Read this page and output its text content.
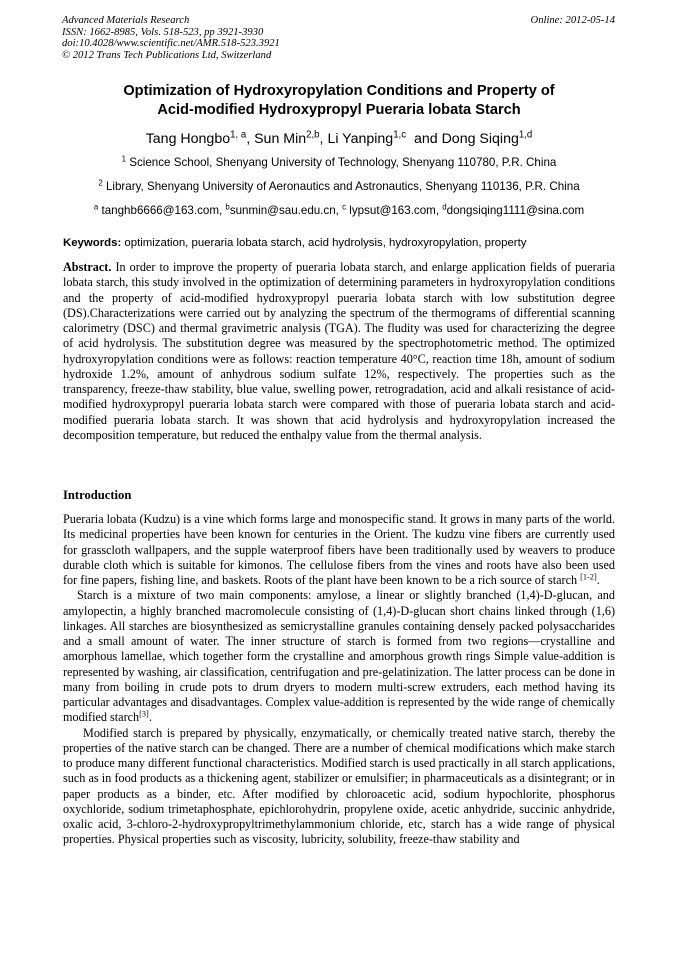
Advanced Materials Research
ISSN: 1662-8985, Vols. 518-523, pp 3921-3930
doi:10.4028/www.scientific.net/AMR.518-523.3921
© 2012 Trans Tech Publications Ltd, Switzerland
Online: 2012-05-14
Optimization of Hydroxyropylation Conditions and Property of
Acid-modified Hydroxypropyl Pueraria lobata Starch
Tang Hongbo$^{1, a}$, Sun Min$^{2,b}$, Li Yanping$^{1,c}$  and Dong Siqing$^{1,d}$
$^1$ Science School, Shenyang University of Technology, Shenyang 110780, P.R. China
$^2$ Library, Shenyang University of Aeronautics and Astronautics, Shenyang 110136, P.R. China
$^a$ tanghb6666@163.com, $^b$sunmin@sau.edu.cn, $^c$ lypsut@163.com, $^d$dongsiqing1111@sina.com
Keywords: optimization, pueraria lobata starch, acid hydrolysis, hydroxyropylation, property

Abstract. In order to improve the property of pueraria lobata starch, and enlarge application fields of pueraria lobata starch, this study involved in the optimization of determining parameters in hydroxyropylation conditions and the property of acid-modified hydroxypropyl pueraria lobata starch with low substitution degree (DS).Characterizations were carried out by analyzing the spectrum of the thermograms of differential scanning calorimetry (DSC) and thermal gravimetric analysis (TGA). The fludity was used for characterizing the degree of acid hydrolysis. The substitution degree was measured by the spectrophotometric method. The optimized hydroxyropylation conditions were as follows: reaction temperature 40°C, reaction time 18h, amount of sodium hydroxide 1.2%, amount of anhydrous sodium sulfate 12%, respectively. The properties such as the transparency, freeze-thaw stability, blue value, swelling power, retrogradation, acid and alkali resistance of acid-modified hydroxypropyl pueraria lobata starch were compared with those of pueraria lobata starch and acid-modified pueraria lobata starch. It was shown that acid hydrolysis and hydroxyropylation increased the decomposition temperature, but reduced the enthalpy value from the thermal analysis.

Introduction

Pueraria lobata (Kudzu) is a vine which forms large and monospecific stand. It grows in many parts of the world. Its medicinal properties have been known for centuries in the Orient. The kudzu vine fibers are currently used for grasscloth wallpapers, and the supple waterproof fibers have been traditionally used by weavers to produce durable cloth which is suitable for kimonos. The cellulose fibers from the vines and roots have also been used for fine papers, fishing line, and baskets. Roots of the plant have been known to be a rich source of starch [1-2].

Starch is a mixture of two main components: amylose, a linear or slightly branched (1,4)-D-glucan, and amylopectin, a highly branched macromolecule consisting of (1,4)-D-glucan short chains linked through (1,6) linkages. All starches are biosynthesized as semicrystalline granules containing densely packed polysaccharides and a small amount of water. The inner structure of starch is formed from two regions—crystalline and amorphous lamellae, which together form the crystalline and amorphous growth rings Simple value-addition is represented by washing, air classification, centrifugation and pre-gelatinization. The latter process can be done in many from boiling in crude pots to drum dryers to modern multi-screw extruders, each method having its particular advantages and disadvantages. Complex value-addition is represented by the wide range of chemically modified starch[3].

Modified starch is prepared by physically, enzymatically, or chemically treated native starch, thereby the properties of the native starch can be changed. There are a number of chemical modifications which make starch to produce many different functional characteristics. Modified starch is used practically in all starch applications, such as in food products as a thickening agent, stabilizer or emulsifier; in pharmaceuticals as a disintegrant; or in paper products as a binder, etc. After modified by chloroacetic acid, sodium hypochlorite, phosphorus oxychloride, sodium trimetaphosphate, epichlorohydrin, propylene oxide, acetic anhydride, succinic anhydride, oxalic acid, 3-chloro-2-hydroxypropyltrimethylammonium chloride, etc, starch has a wide range of physical properties. Physical properties such as viscosity, lubricity, solubility, freeze-thaw stability and
